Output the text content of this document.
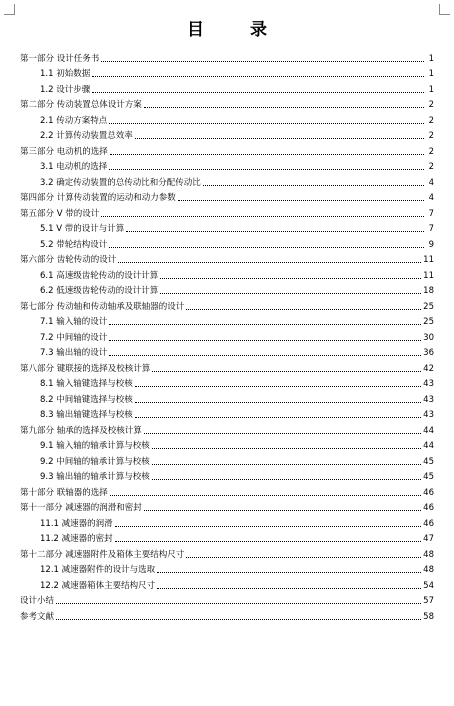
目 录
第一部分 设计任务书	1
1.1 初始数据	1
1.2 设计步骤	1
第二部分 传动装置总体设计方案	2
2.1 传动方案特点	2
2.2 计算传动装置总效率	2
第三部分 电动机的选择	2
3.1 电动机的选择	2
3.2 确定传动装置的总传动比和分配传动比	4
第四部分 计算传动装置的运动和动力参数	4
第五部分 V 带的设计	7
5.1 V 带的设计与计算	7
5.2 带轮结构设计	9
第六部分 齿轮传动的设计	11
6.1 高速级齿轮传动的设计计算	11
6.2 低速级齿轮传动的设计计算	18
第七部分 传动轴和传动轴承及联轴器的设计	25
7.1 输入轴的设计	25
7.2 中间轴的设计	30
7.3 输出轴的设计	36
第八部分 键联接的选择及校核计算	42
8.1 输入轴键选择与校核	43
8.2 中间轴键选择与校核	43
8.3 输出轴键选择与校核	43
第九部分 轴承的选择及校核计算	44
9.1 输入轴的轴承计算与校核	44
9.2 中间轴的轴承计算与校核	45
9.3 输出轴的轴承计算与校核	45
第十部分 联轴器的选择	46
第十一部分 减速器的润滑和密封	46
11.1 减速器的润滑	46
11.2 减速器的密封	47
第十二部分 减速器附件及箱体主要结构尺寸	48
12.1 减速器附件的设计与选取	48
12.2 减速器箱体主要结构尺寸	54
设计小结	57
参考文献	58
